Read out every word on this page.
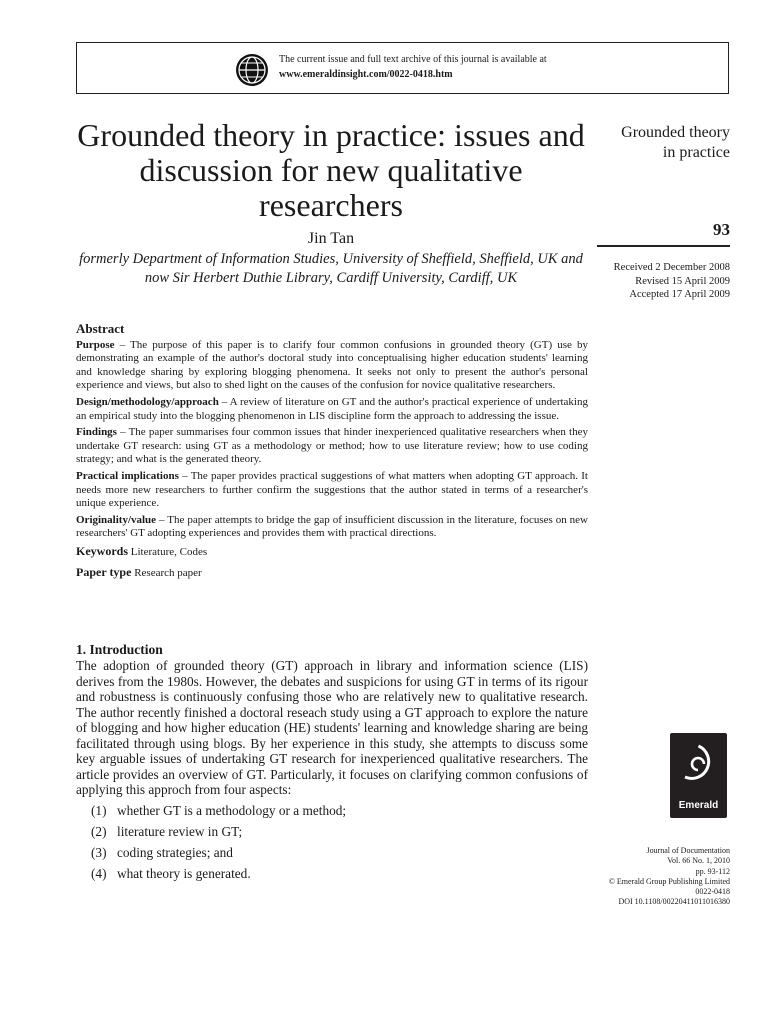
The current issue and full text archive of this journal is available at
www.emeraldinsight.com/0022-0418.htm
Grounded theory in practice: issues and discussion for new qualitative researchers
Jin Tan
formerly Department of Information Studies, University of Sheffield, Sheffield, UK and now Sir Herbert Duthie Library, Cardiff University, Cardiff, UK
Grounded theory
in practice
93
Received 2 December 2008
Revised 15 April 2009
Accepted 17 April 2009
Abstract

Purpose – The purpose of this paper is to clarify four common confusions in grounded theory (GT) use by demonstrating an example of the author's doctoral study into conceptualising higher education students' learning and knowledge sharing by exploring blogging phenomena. It seeks not only to present the author's personal experience and views, but also to shed light on the causes of the confusion for novice qualitative researchers.

Design/methodology/approach – A review of literature on GT and the author's practical experience of undertaking an empirical study into the blogging phenomenon in LIS discipline form the approach to addressing the issue.

Findings – The paper summarises four common issues that hinder inexperienced qualitative researchers when they undertake GT research: using GT as a methodology or method; how to use literature review; how to use coding strategy; and what is the generated theory.

Practical implications – The paper provides practical suggestions of what matters when adopting GT approach. It needs more new researchers to further confirm the suggestions that the author stated in terms of a researcher's unique experience.

Originality/value – The paper attempts to bridge the gap of insufficient discussion in the literature, focuses on new researchers' GT adopting experiences and provides them with practical directions.

Keywords Literature, Codes

Paper type Research paper

1. Introduction

The adoption of grounded theory (GT) approach in library and information science (LIS) derives from the 1980s. However, the debates and suspicions for using GT in terms of its rigour and robustness is continuously confusing those who are relatively new to qualitative research. The author recently finished a doctoral reseach study using a GT approach to explore the nature of blogging and how higher education (HE) students' learning and knowledge sharing are being facilitated through using blogs. By her experience in this study, she attempts to discuss some key arguable issues of undertaking GT research for inexperienced qualitative researchers. The article provides an overview of GT. Particularly, it focuses on clarifying common confusions of applying this approch from four aspects:

(1) whether GT is a methodology or a method;
(2) literature review in GT;
(3) coding strategies; and
(4) what theory is generated.
Emerald
Journal of Documentation
Vol. 66 No. 1, 2010
pp. 93-112
© Emerald Group Publishing Limited
0022-0418
DOI 10.1108/00220411011016380
